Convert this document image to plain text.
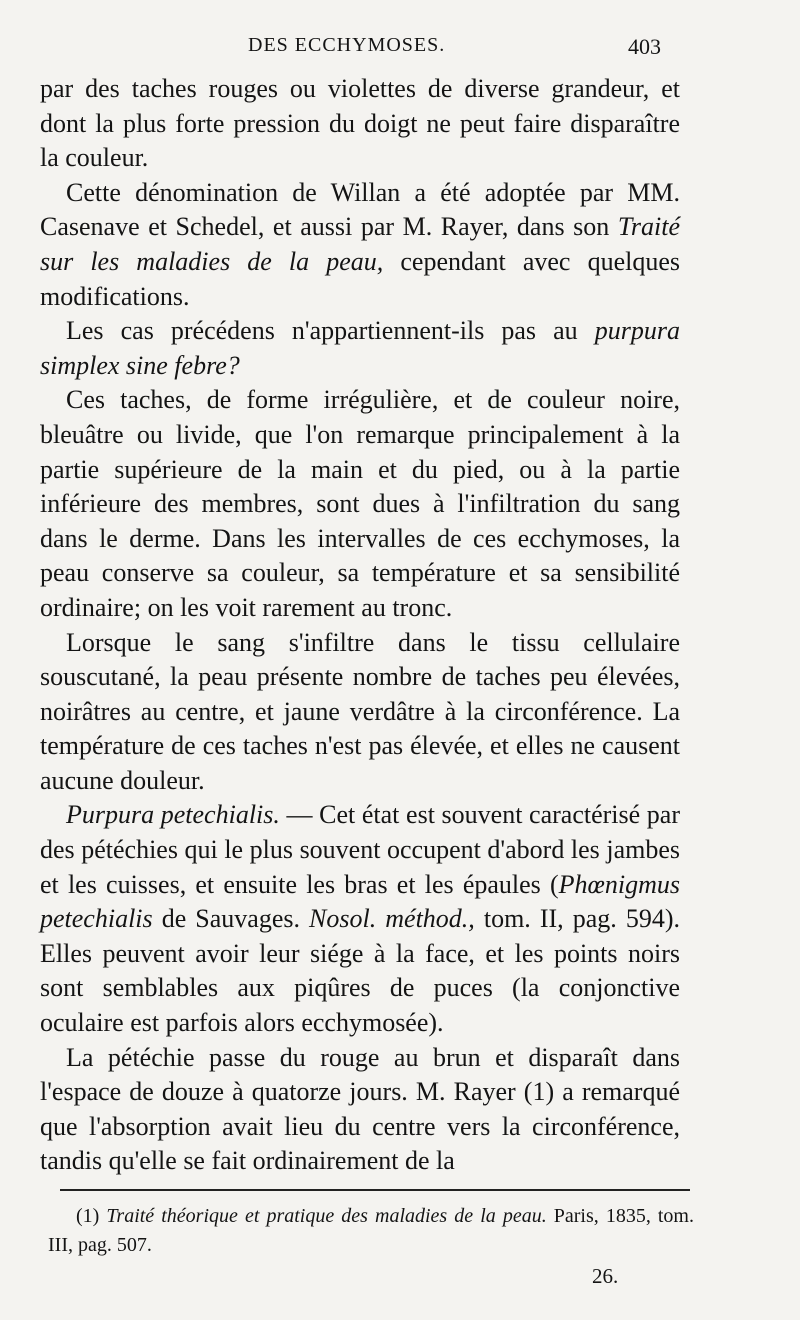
DES ECCHYMOSES.	403

par des taches rouges ou violettes de diverse grandeur, et dont la plus forte pression du doigt ne peut faire disparaître la couleur.

Cette dénomination de Willan a été adoptée par MM. Casenave et Schedel, et aussi par M. Rayer, dans son Traité sur les maladies de la peau, cependant avec quelques modifications.

Les cas précédens n'appartiennent-ils pas au purpura simplex sine febre?

Ces taches, de forme irrégulière, et de couleur noire, bleuâtre ou livide, que l'on remarque principalement à la partie supérieure de la main et du pied, ou à la partie inférieure des membres, sont dues à l'infiltration du sang dans le derme. Dans les intervalles de ces ecchymoses, la peau conserve sa couleur, sa température et sa sensibilité ordinaire; on les voit rarement au tronc.

Lorsque le sang s'infiltre dans le tissu cellulaire souscutané, la peau présente nombre de taches peu élevées, noirâtres au centre, et jaune verdâtre à la circonférence. La température de ces taches n'est pas élevée, et elles ne causent aucune douleur.

Purpura petechialis. — Cet état est souvent caractérisé par des pétéchies qui le plus souvent occupent d'abord les jambes et les cuisses, et ensuite les bras et les épaules (Phœnigmus petechialis de Sauvages. Nosol. méthod., tom. II, pag. 594). Elles peuvent avoir leur siége à la face, et les points noirs sont semblables aux piqûres de puces (la conjonctive oculaire est parfois alors ecchymosée).

La pétéchie passe du rouge au brun et disparaît dans l'espace de douze à quatorze jours. M. Rayer (1) a remarqué que l'absorption avait lieu du centre vers la circonférence, tandis qu'elle se fait ordinairement de la

(1) Traité théorique et pratique des maladies de la peau. Paris, 1835, tom. III, pag. 507.
26.
